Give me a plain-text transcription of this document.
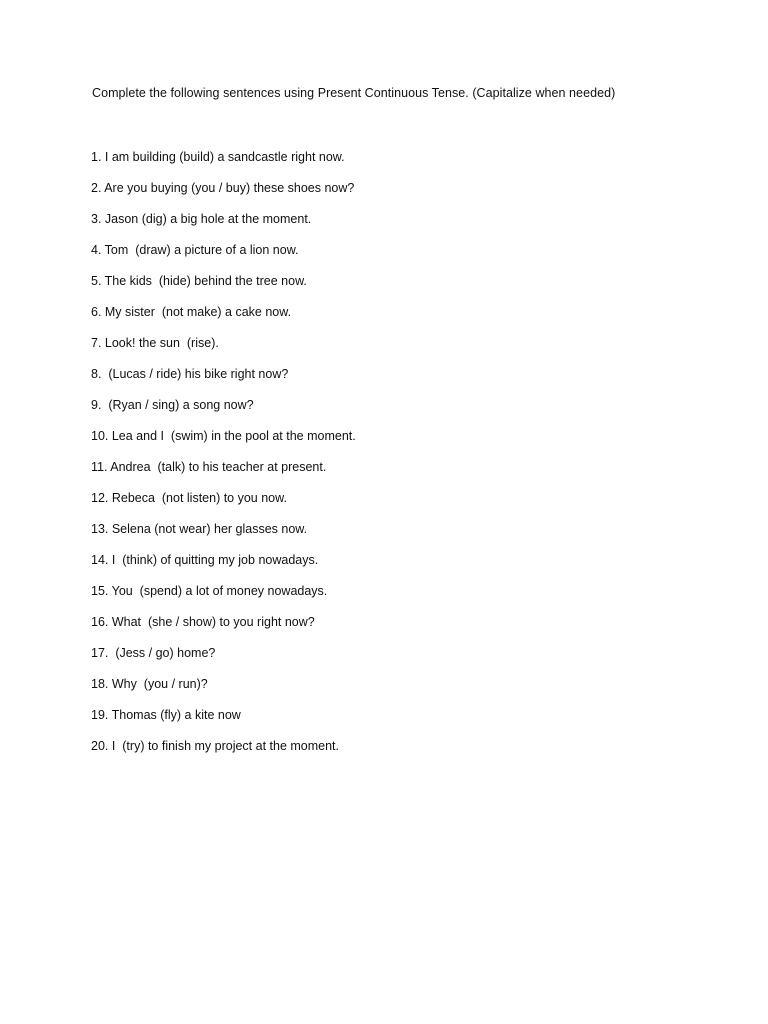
Complete the following sentences using Present Continuous Tense. (Capitalize when needed)
1. I am building (build) a sandcastle right now.
2. Are you buying (you / buy) these shoes now?
3. Jason (dig) a big hole at the moment.
4. Tom  (draw) a picture of a lion now.
5. The kids  (hide) behind the tree now.
6. My sister  (not make) a cake now.
7. Look! the sun  (rise).
8.  (Lucas / ride) his bike right now?
9.  (Ryan / sing) a song now?
10. Lea and I  (swim) in the pool at the moment.
11. Andrea  (talk) to his teacher at present.
12. Rebeca  (not listen) to you now.
13. Selena (not wear) her glasses now.
14. I  (think) of quitting my job nowadays.
15. You  (spend) a lot of money nowadays.
16. What  (she / show) to you right now?
17.  (Jess / go) home?
18. Why  (you / run)?
19. Thomas (fly) a kite now
20. I  (try) to finish my project at the moment.
